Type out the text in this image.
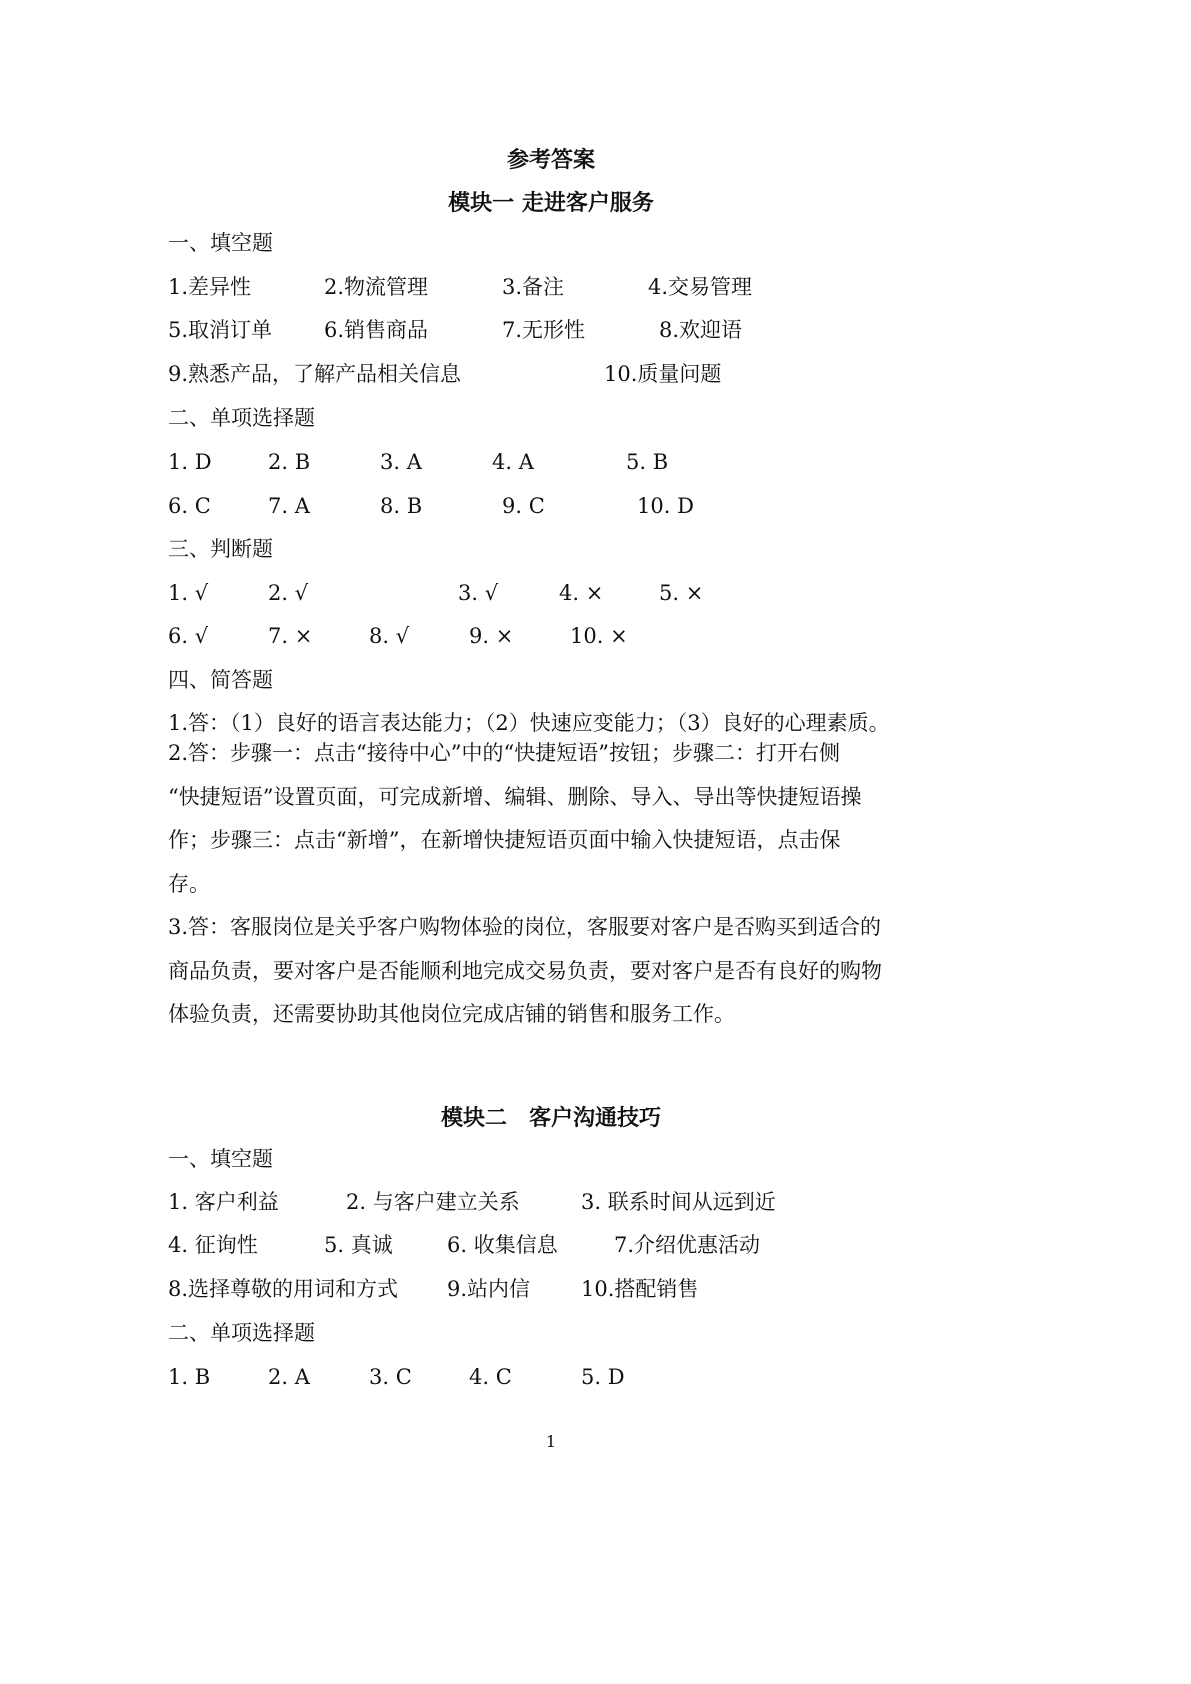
参考答案
模块一 走进客户服务
一、填空题
1.差异性	2.物流管理	3.备注	4.交易管理
5.取消订单 6.销售商品	7.无形性	8.欢迎语
9.熟悉产品，了解产品相关信息	10.质量问题
二、单项选择题
1. D	2. B	3. A	4. A	5. B
6. C	7. A	8. B	9. C	10. D
三、判断题
1. √	2. √	3. √	4. ×	5. ×
6. √	7. ×	8. √	9. ×	10. ×
四、简答题
1.答：（1）良好的语言表达能力；（2）快速应变能力；（3）良好的心理素质。
2.答：步骤一：点击“接待中心”中的“快捷短语”按钮；步骤二：打开右侧
“快捷短语”设置页面，可完成新增、编辑、删除、导入、导出等快捷短语操
作；步骤三：点击“新增”，在新增快捷短语页面中输入快捷短语，点击保
存。
3.答：客服岗位是关乎客户购物体验的岗位，客服要对客户是否购买到适合的
商品负责，要对客户是否能顺利地完成交易负责，要对客户是否有良好的购物
体验负责，还需要协助其他岗位完成店铺的销售和服务工作。
模块二　客户沟通技巧
一、填空题
1. 客户利益	2. 与客户建立关系	3. 联系时间从远到近
4. 征询性	5. 真诚	6. 收集信息	7.介绍优惠活动
8.选择尊敬的用词和方式 9.站内信 10.搭配销售
二、单项选择题
1. B	2. A	3. C	4. C	5. D
1
